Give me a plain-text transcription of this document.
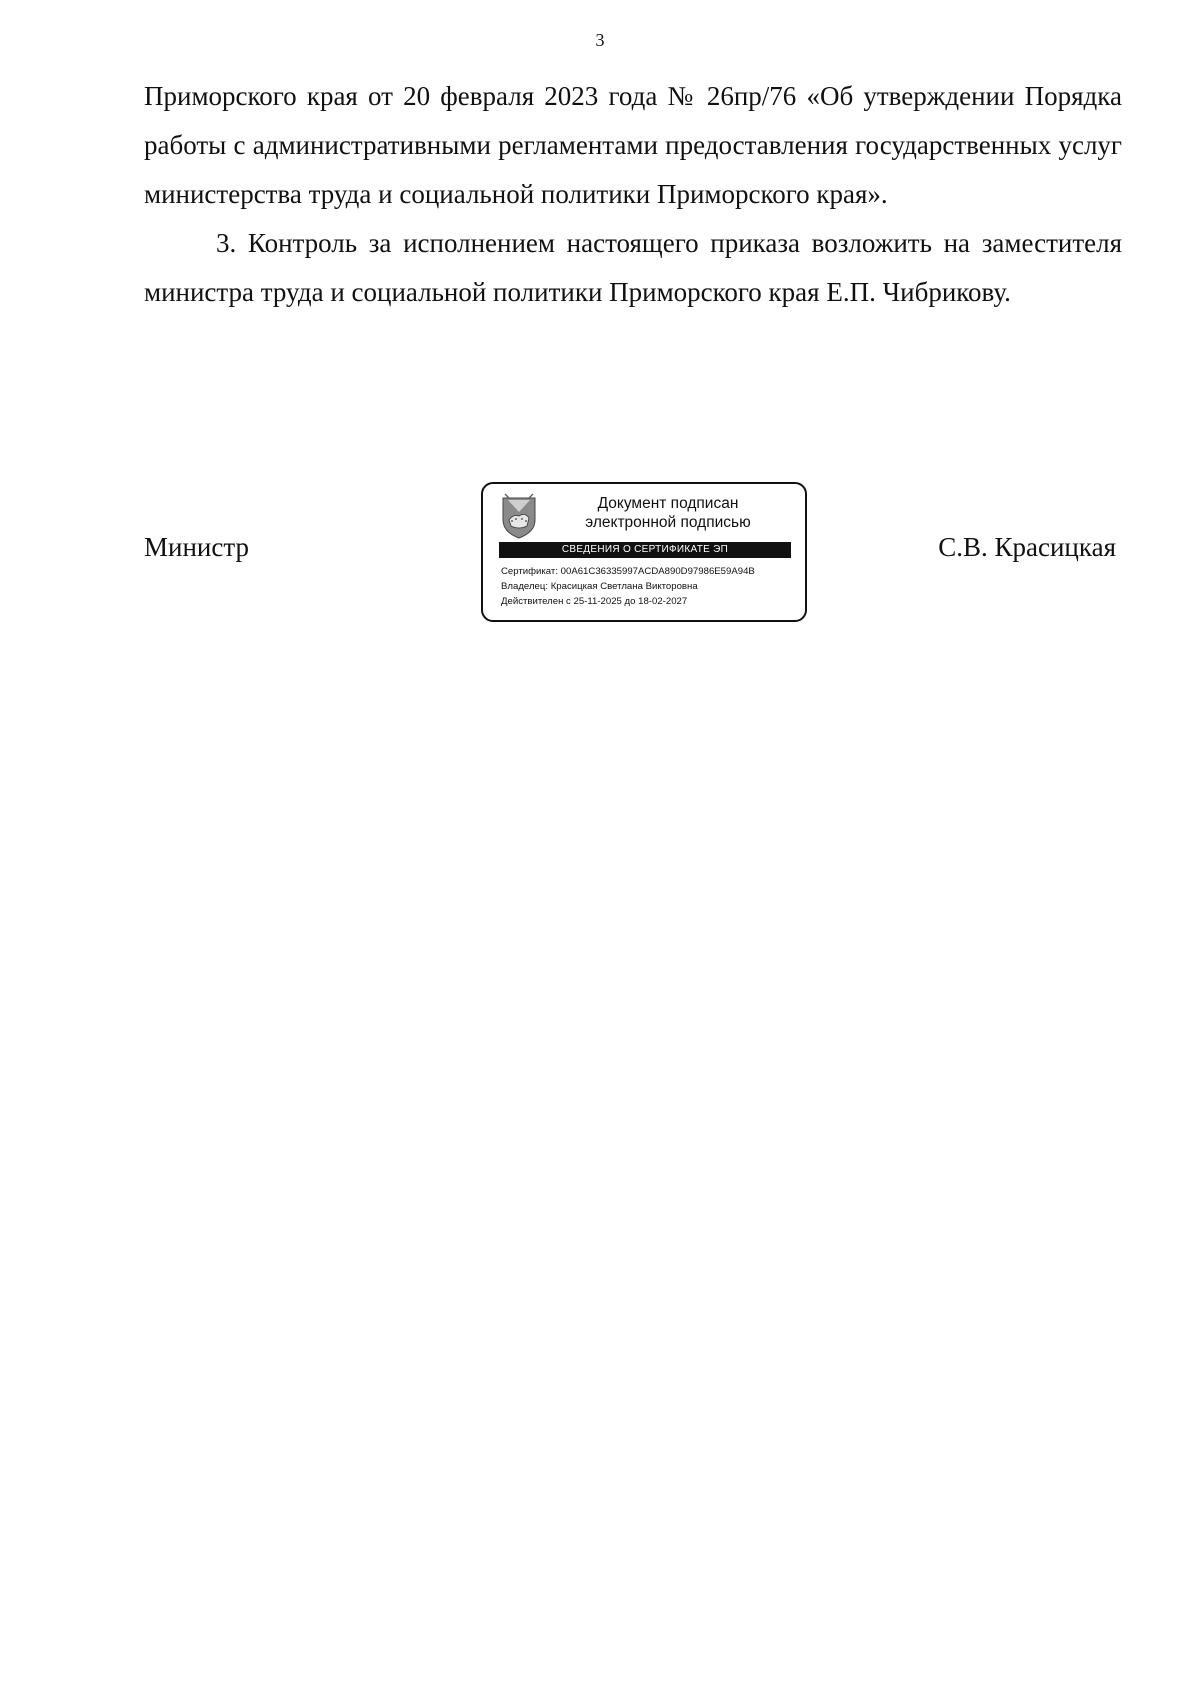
3

Приморского края от 20 февраля 2023 года № 26пр/76 «Об утверждении Порядка работы с административными регламентами предоставления государственных услуг министерства труда и социальной политики Приморского края».

3. Контроль за исполнением настоящего приказа возложить на заместителя министра труда и социальной политики Приморского края Е.П. Чибрикову.

Министр
Документ подписан
электронной подписью
СВЕДЕНИЯ О СЕРТИФИКАТЕ ЭП
Сертификат: 00A61C36335997ACDA890D97986E59A94B
Владелец: Красицкая Светлана Викторовна
Действителен с 25-11-2025 до 18-02-2027
С.В. Красицкая
